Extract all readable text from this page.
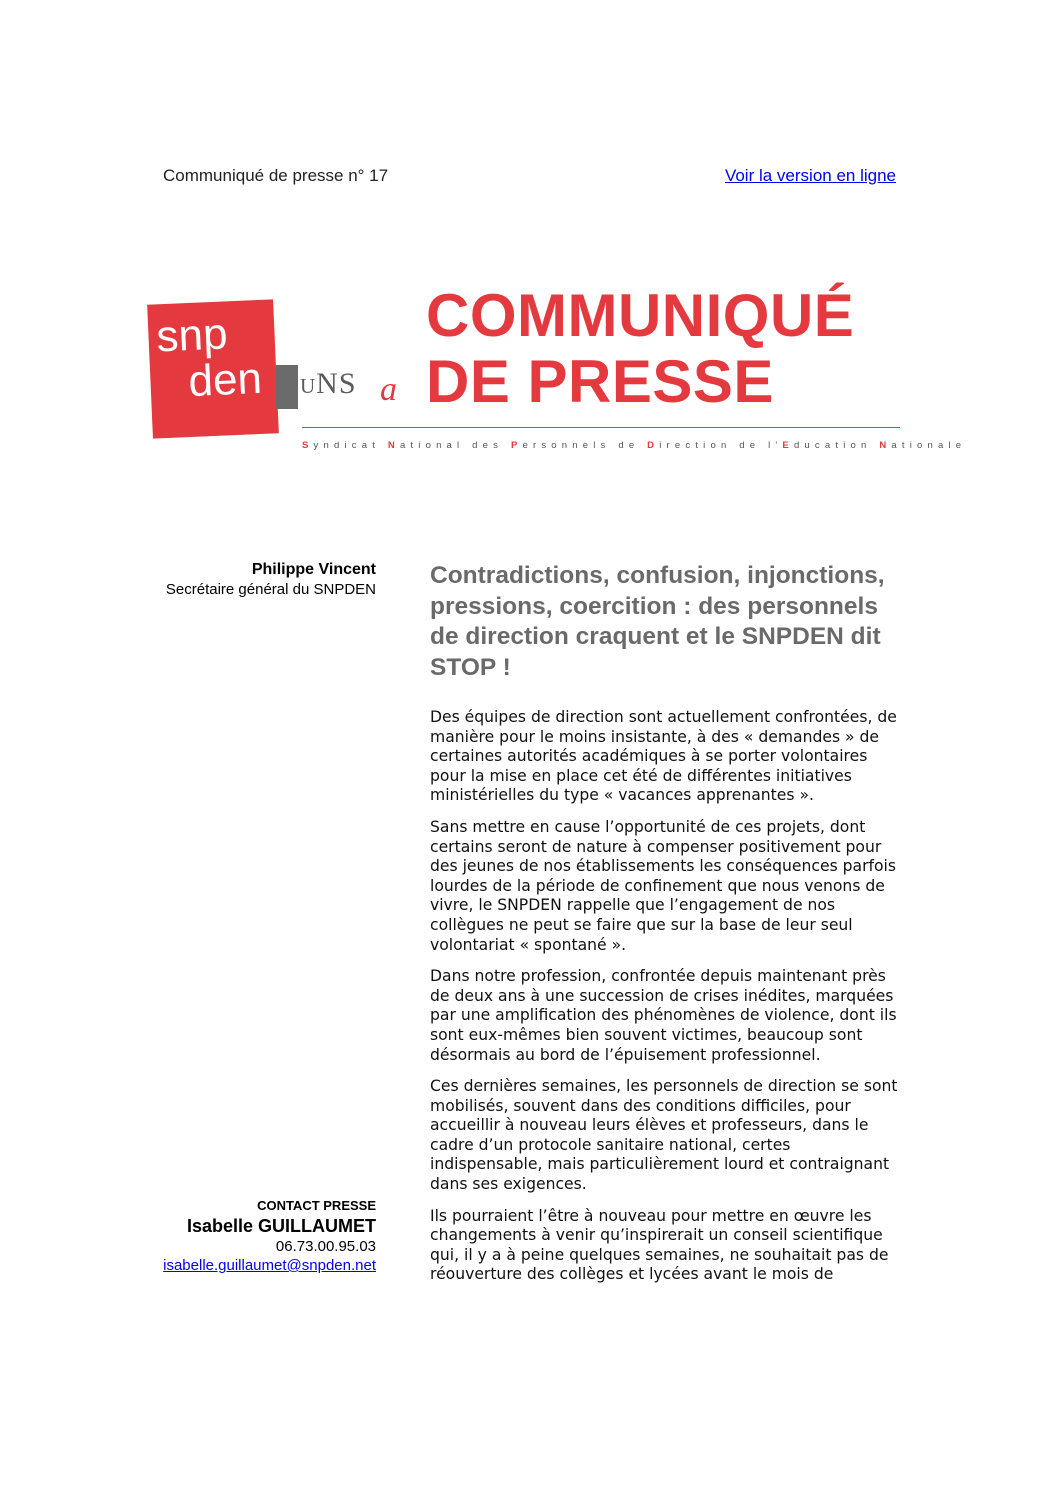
Communiqué de presse n° 17	Voir la version en ligne
snp
den	uNS a
COMMUNIQUÉ
DE PRESSE
Syndicat National des Personnels de Direction de l'Education Nationale
Philippe Vincent
Secrétaire général du SNPDEN
Contradictions, confusion, injonctions, pressions, coercition : des personnels de direction craquent et le SNPDEN dit STOP !

Des équipes de direction sont actuellement confrontées, de manière pour le moins insistante, à des « demandes » de certaines autorités académiques à se porter volontaires pour la mise en place cet été de différentes initiatives ministérielles du type « vacances apprenantes ».

Sans mettre en cause l’opportunité de ces projets, dont certains seront de nature à compenser positivement pour des jeunes de nos établissements les conséquences parfois lourdes de la période de confinement que nous venons de vivre, le SNPDEN rappelle que l’engagement de nos collègues ne peut se faire que sur la base de leur seul volontariat « spontané ».

Dans notre profession, confrontée depuis maintenant près de deux ans à une succession de crises inédites, marquées par une amplification des phénomènes de violence, dont ils sont eux-mêmes bien souvent victimes, beaucoup sont désormais au bord de l’épuisement professionnel.

Ces dernières semaines, les personnels de direction se sont mobilisés, souvent dans des conditions difficiles, pour accueillir à nouveau leurs élèves et professeurs, dans le cadre d’un protocole sanitaire national, certes indispensable, mais particulièrement lourd et contraignant dans ses exigences.

Ils pourraient l’être à nouveau pour mettre en œuvre les changements à venir qu’inspirerait un conseil scientifique qui, il y a à peine quelques semaines, ne souhaitait pas de réouverture des collèges et lycées avant le mois de

CONTACT PRESSE
Isabelle GUILLAUMET
06.73.00.95.03
isabelle.guillaumet@snpden.net
